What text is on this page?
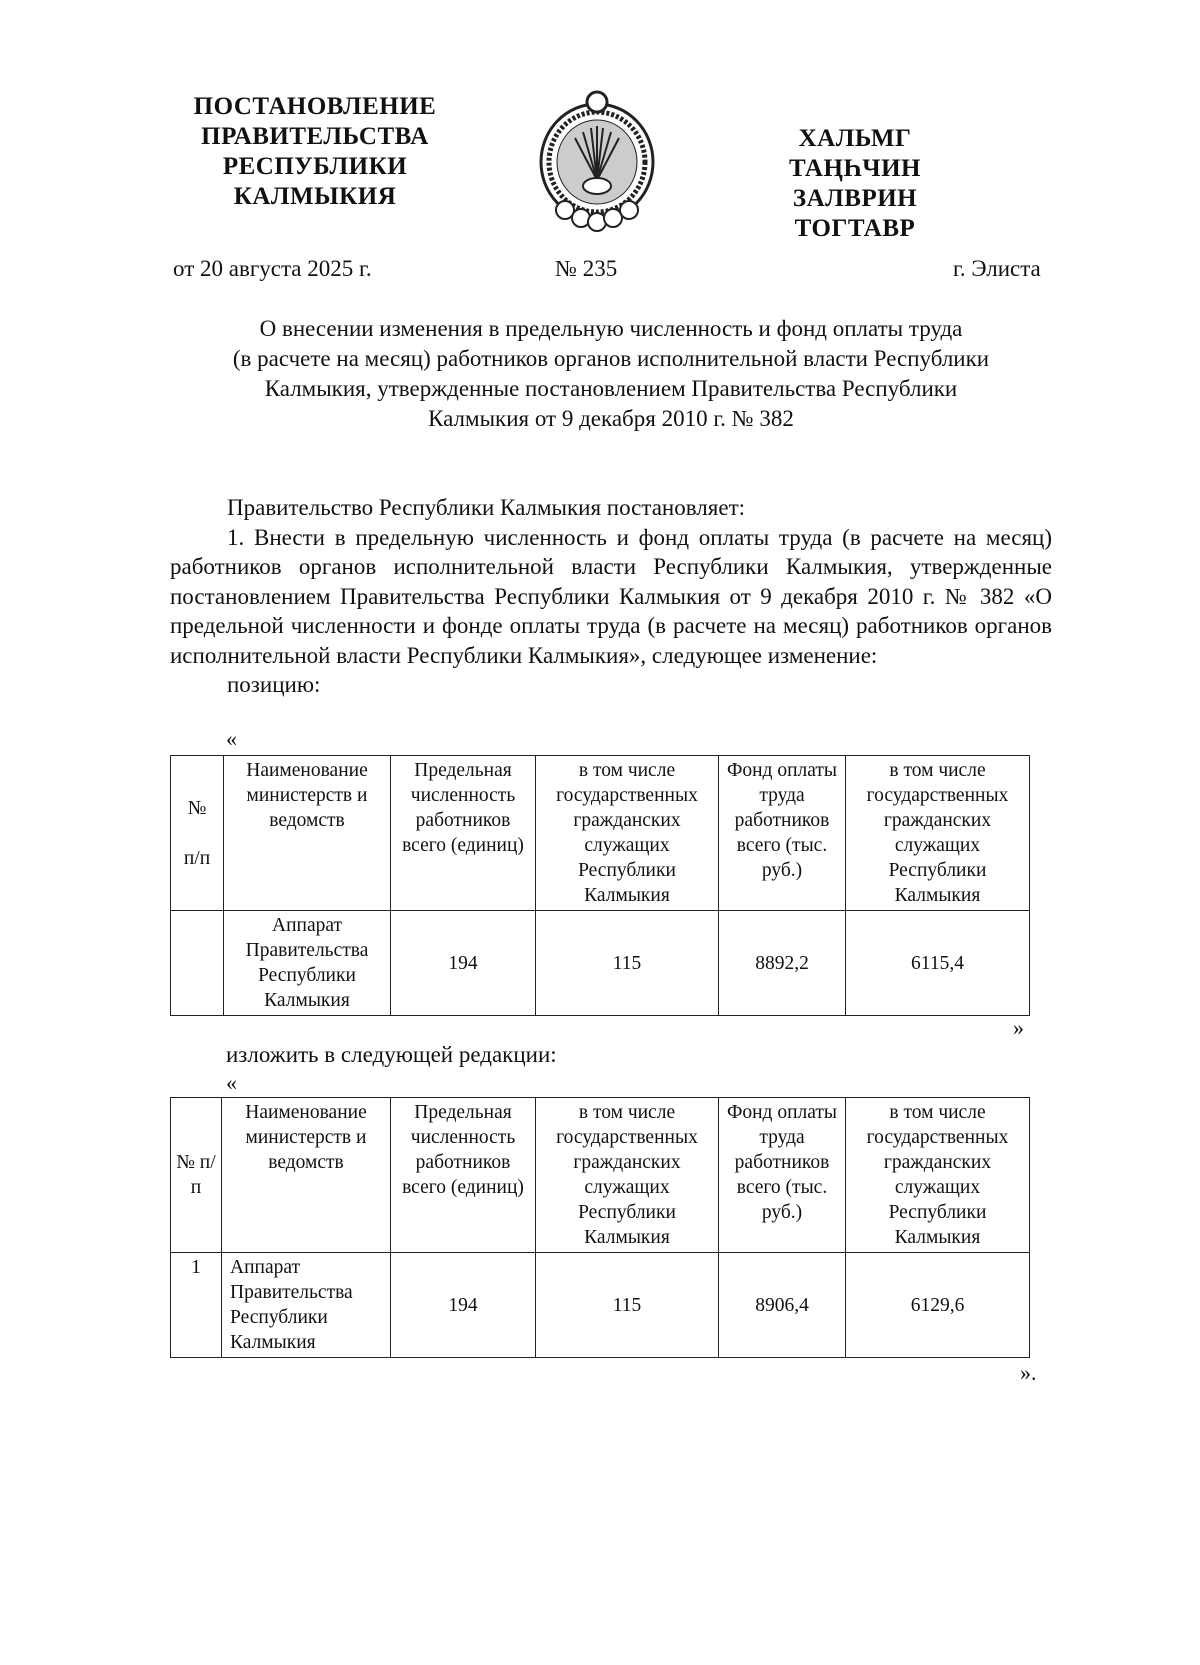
ПОСТАНОВЛЕНИЕ
ПРАВИТЕЛЬСТВА
РЕСПУБЛИКИ
КАЛМЫКИЯ
ХАЛЬМГ
ТАҢҺЧИН
ЗАЛВРИН
ТОГТАВР
от 20 августа 2025 г.	№ 235	г. Элиста
О внесении изменения в предельную численность и фонд оплаты труда
(в расчете на месяц) работников органов исполнительной власти Республики
Калмыкия, утвержденные постановлением Правительства Республики
Калмыкия от 9 декабря 2010 г. № 382

Правительство Республики Калмыкия постановляет:

1. Внести в предельную численность и фонд оплаты труда (в расчете на месяц) работников органов исполнительной власти Республики Калмыкия, утвержденные постановлением Правительства Республики Калмыкия от 9 декабря 2010 г. № 382 «О предельной численности и фонде оплаты труда (в расчете на месяц) работников органов исполнительной власти Республики Калмыкия», следующее изменение:

позицию:

«
№
п/п	Наименование министерств и ведомств	Предельная численность работников всего (единиц)	в том числе государственных гражданских служащих Республики Калмыкия	Фонд оплаты труда работников всего (тыс. руб.)	в том числе государственных гражданских служащих Республики Калмыкия
	Аппарат Правительства Республики Калмыкия	194	115	8892,2	6115,4
»
изложить в следующей редакции:
«
№ п/п	Наименование министерств и ведомств	Предельная численность работников всего (единиц)	в том числе государственных гражданских служащих Республики Калмыкия	Фонд оплаты труда работников всего (тыс. руб.)	в том числе государственных гражданских служащих Республики Калмыкия
1	Аппарат Правительства Республики Калмыкия	194	115	8906,4	6129,6
».
